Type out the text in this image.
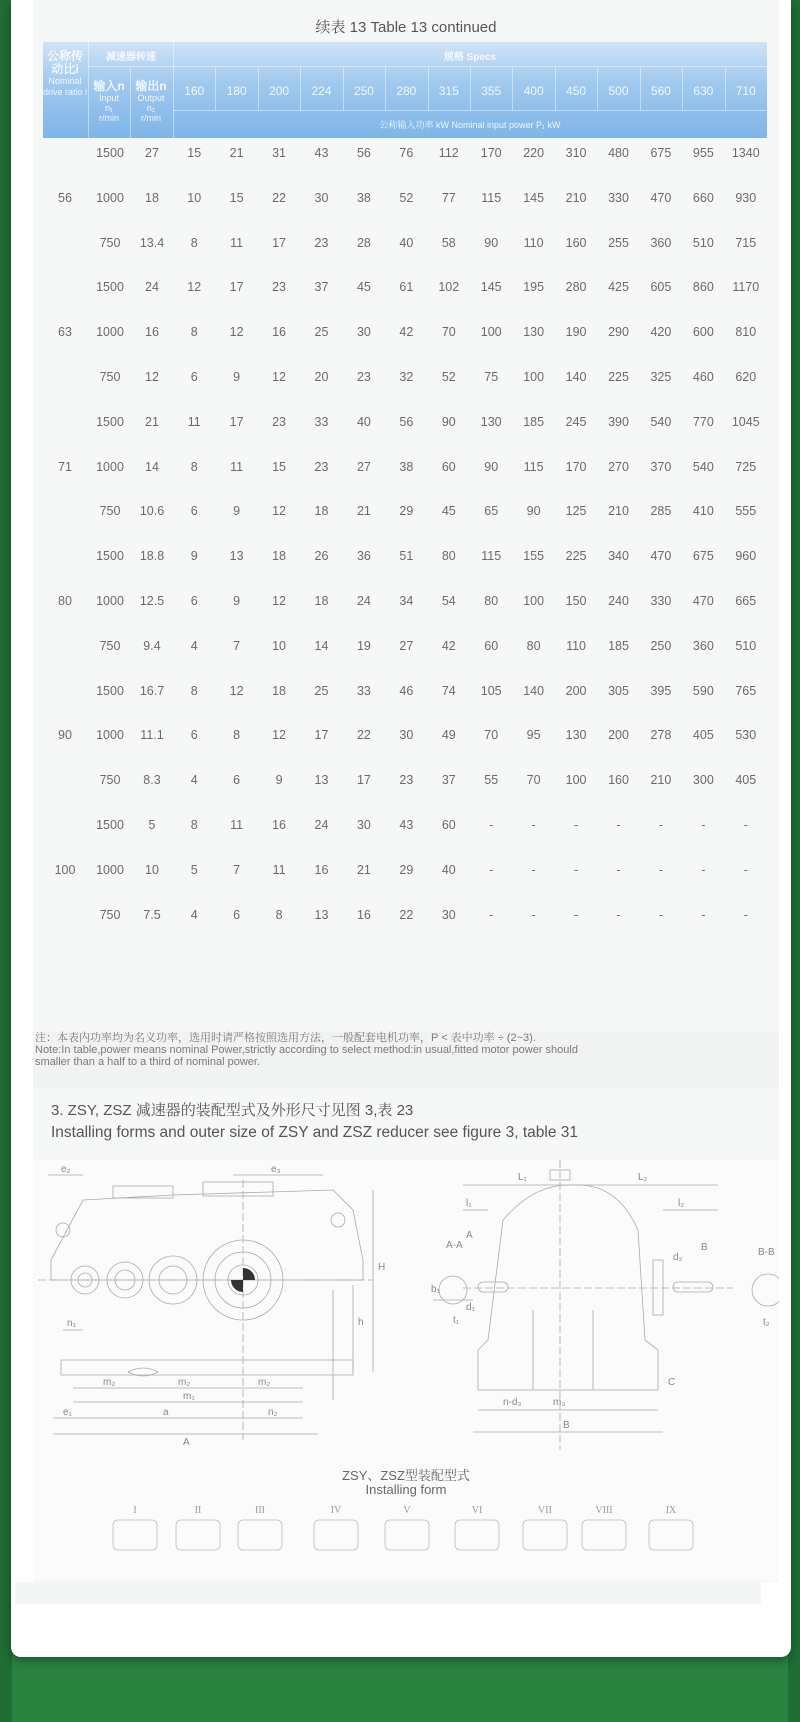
续表 13 Table 13 continued
公称传动比i
Nominal drive ratio i
减速器转速	规格 Specs
输入n
Input
n₁
r/min
输出n
Output
n₂
r/min
160	180	200	224	250	280	315	355	400	450	500	560	630	710
公称输入功率 kW Nominal input power P₁ kW
56
1500	27	15	21	31	43	56	76	112	170	220	310	480	675	955	1340
1000	18	10	15	22	30	38	52	77	115	145	210	330	470	660	930
750	13.4	8	11	17	23	28	40	58	90	110	160	255	360	510	715
63
1500	24	12	17	23	37	45	61	102	145	195	280	425	605	860	1170
1000	16	8	12	16	25	30	42	70	100	130	190	290	420	600	810
750	12	6	9	12	20	23	32	52	75	100	140	225	325	460	620
71
1500	21	11	17	23	33	40	56	90	130	185	245	390	540	770	1045
1000	14	8	11	15	23	27	38	60	90	115	170	270	370	540	725
750	10.6	6	9	12	18	21	29	45	65	90	125	210	285	410	555
80
1500	18.8	9	13	18	26	36	51	80	115	155	225	340	470	675	960
1000	12.5	6	9	12	18	24	34	54	80	100	150	240	330	470	665
750	9.4	4	7	10	14	19	27	42	60	80	110	185	250	360	510
90
1500	16.7	8	12	18	25	33	46	74	105	140	200	305	395	590	765
1000	11.1	6	8	12	17	22	30	49	70	95	130	200	278	405	530
750	8.3	4	6	9	13	17	23	37	55	70	100	160	210	300	405
100
1500	5	8	11	16	24	30	43	60	-	-	-	-	-	-	-
1000	10	5	7	11	16	21	29	40	-	-	-	-	-	-	-
750	7.5	4	6	8	13	16	22	30	-	-	-	-	-	-	-
注：本表内功率均为名义功率，选用时请严格按照选用方法，一般配套电机功率，P < 表中功率 ÷ (2~3).
Note:In table,power means nominal Power,strictly according to select method:in usual,fitted motor power should
smaller than a half to a third of nominal power.
3. ZSY, ZSZ 减速器的装配型式及外形尺寸见图 3,表 23
Installing forms and outer size of ZSY and ZSZ reducer see figure 3, table 31
e₂	e₃
H
h
n₁
m₂	m₂	m₂
m₁
e₁	a	n₂
A
L₁	L₂
l₁	l₂
A
B
d₁
d₂
C
n-d₃	m₃
B
A-A
b₁
t₁
B-B
t₂
ZSY、ZSZ型装配型式
Installing form
I	II	III	IV	V	VI	VII	VIII	IX
